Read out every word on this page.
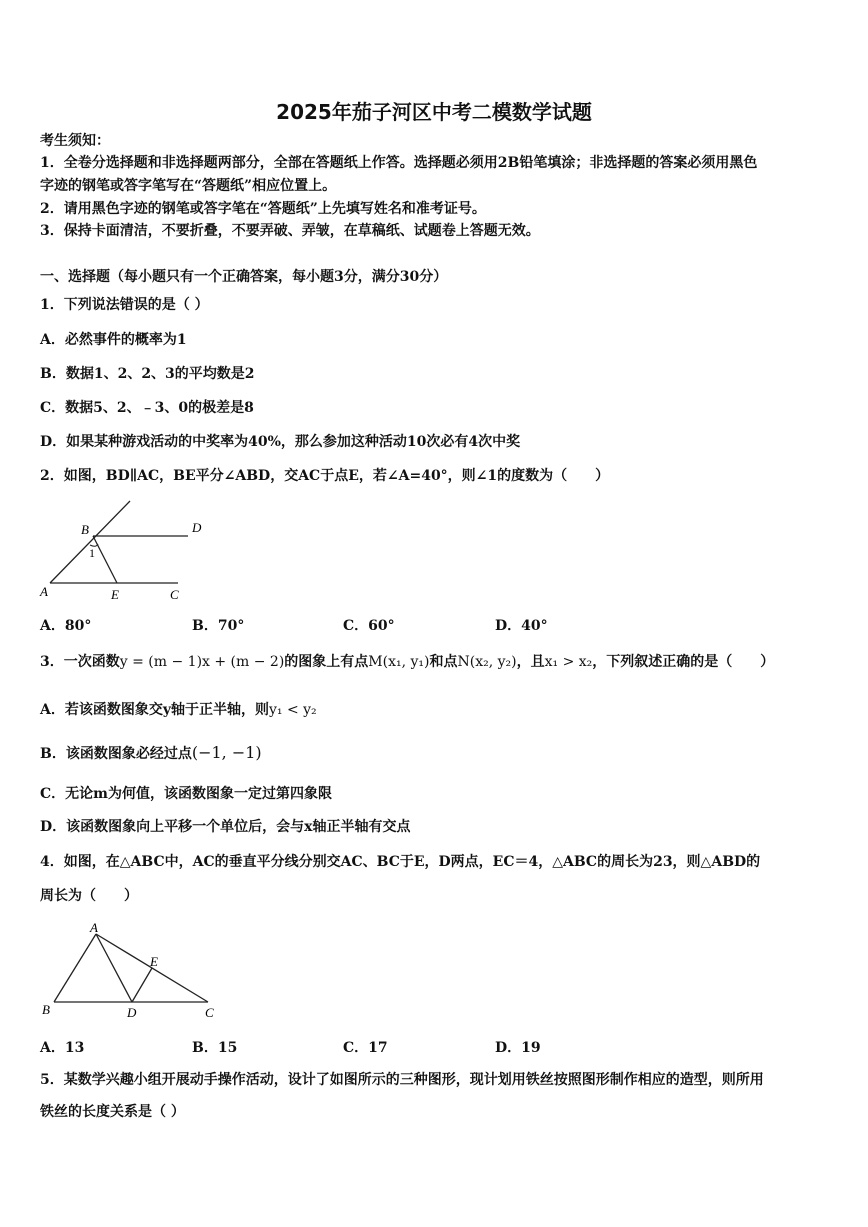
2025年茄子河区中考二模数学试题
考生须知：
1．全卷分选择题和非选择题两部分，全部在答题纸上作答。选择题必须用2B铅笔填涂；非选择题的答案必须用黑色
字迹的钢笔或答字笔写在“答题纸”相应位置上。
2．请用黑色字迹的钢笔或答字笔在“答题纸”上先填写姓名和准考证号。
3．保持卡面清洁，不要折叠，不要弄破、弄皱，在草稿纸、试题卷上答题无效。
一、选择题（每小题只有一个正确答案，每小题3分，满分30分）
1．下列说法错误的是（ ）
A．必然事件的概率为1
B．数据1、2、2、3的平均数是2
C．数据5、2、﹣3、0的极差是8
D．如果某种游戏活动的中奖率为40%，那么参加这种活动10次必有4次中奖
2．如图，BD∥AC，BE平分∠ABD，交AC于点E，若∠A=40°，则∠1的度数为（　　）
B	D
1
A	E	C
A．80°	B．70°	C．60°	D．40°
3．一次函数y = (m − 1)x + (m − 2)的图象上有点M(x₁, y₁)和点N(x₂, y₂)，且x₁ > x₂，下列叙述正确的是（　　）
A．若该函数图象交y轴于正半轴，则y₁ < y₂
B．该函数图象必经过点(−1, −1)
C．无论m为何值，该函数图象一定过第四象限
D．该函数图象向上平移一个单位后，会与x轴正半轴有交点
4．如图，在△ABC中，AC的垂直平分线分别交AC、BC于E，D两点，EC＝4，△ABC的周长为23，则△ABD的
周长为（　　）
A
E
B	D	C
A．13	B．15	C．17	D．19
5．某数学兴趣小组开展动手操作活动，设计了如图所示的三种图形，现计划用铁丝按照图形制作相应的造型，则所用
铁丝的长度关系是（ ）
